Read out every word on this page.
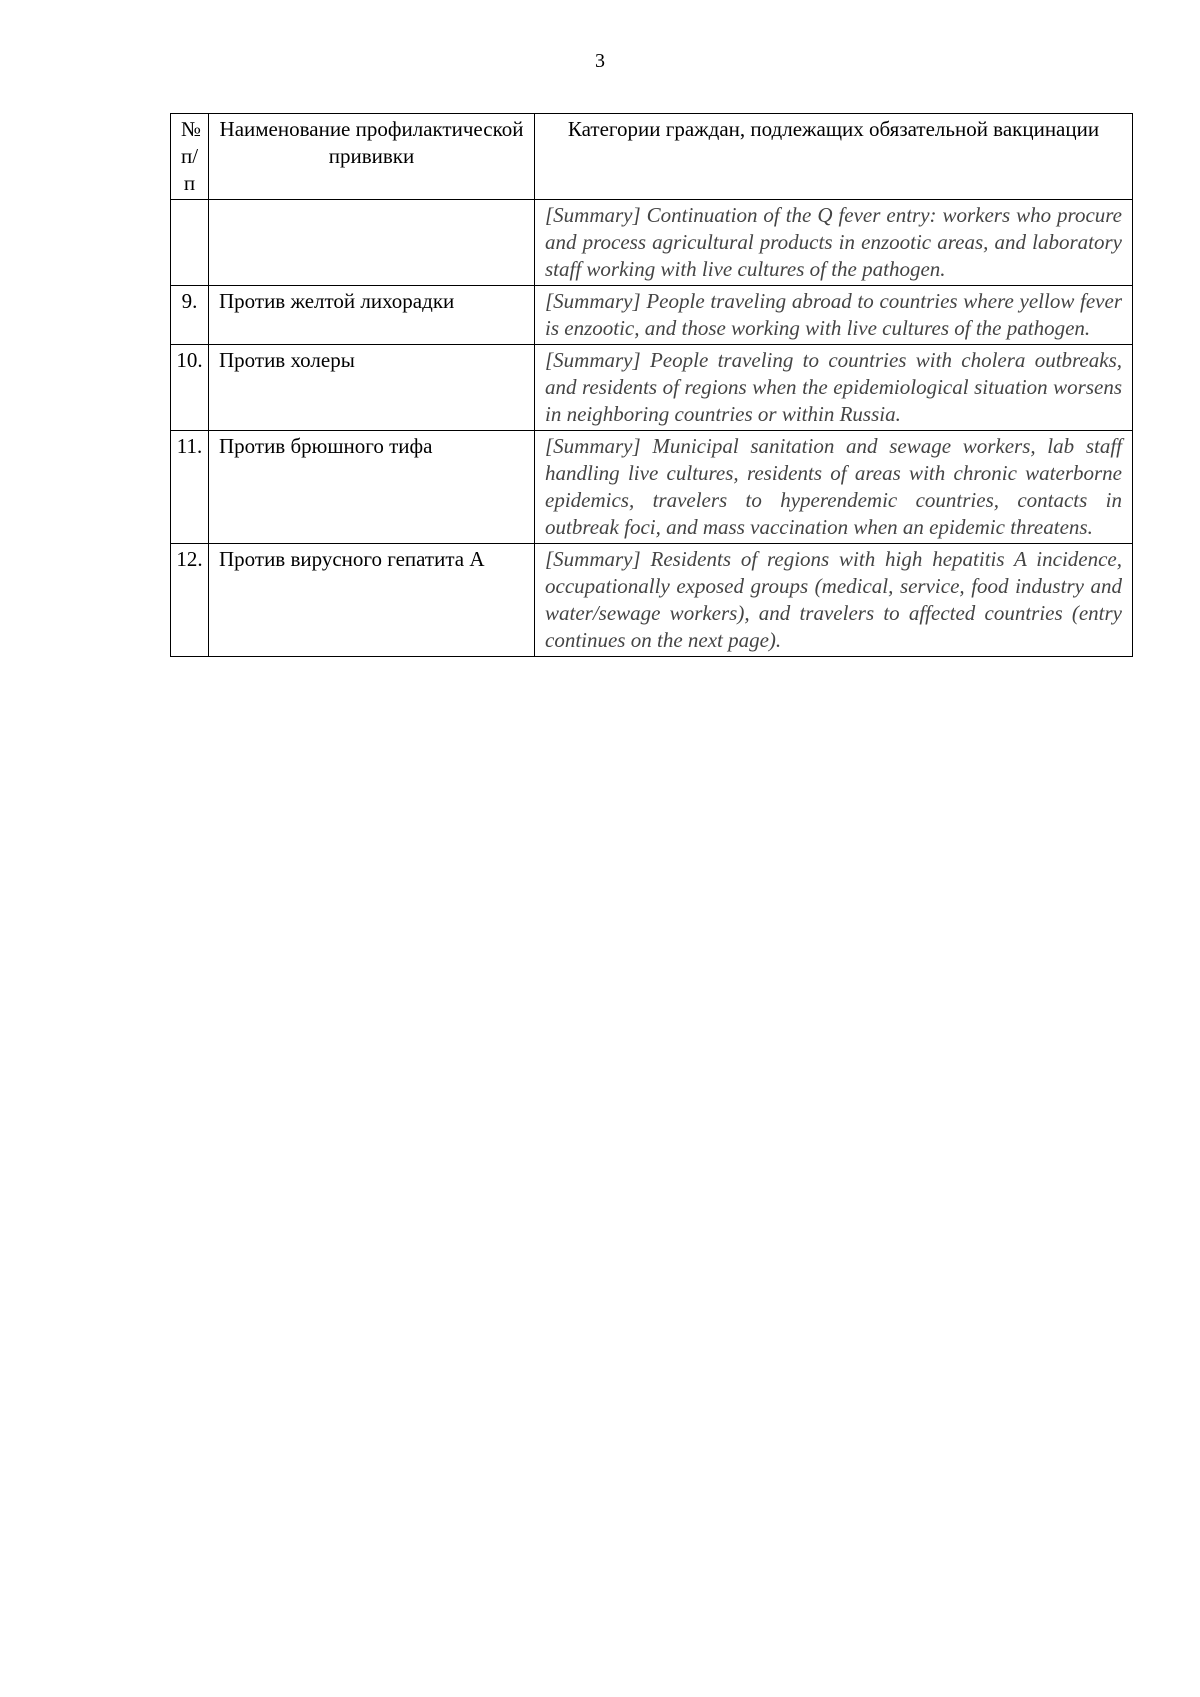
3
№ п/п	Наименование профилактической прививки	Категории граждан, подлежащих обязательной вакцинации

		[Summary] Continuation of the Q fever entry: workers who procure and process agricultural products in enzootic areas, and laboratory staff working with live cultures of the pathogen.

9.	Против желтой лихорадки	[Summary] People traveling abroad to countries where yellow fever is enzootic, and those working with live cultures of the pathogen.

10.	Против холеры	[Summary] People traveling to countries with cholera outbreaks, and residents of regions when the epidemiological situation worsens in neighboring countries or within Russia.

11.	Против брюшного тифа	[Summary] Municipal sanitation and sewage workers, lab staff handling live cultures, residents of areas with chronic waterborne epidemics, travelers to hyperendemic countries, contacts in outbreak foci, and mass vaccination when an epidemic threatens.

12.	Против вирусного гепатита А	[Summary] Residents of regions with high hepatitis A incidence, occupationally exposed groups (medical, service, food industry and water/sewage workers), and travelers to affected countries (entry continues on the next page).
